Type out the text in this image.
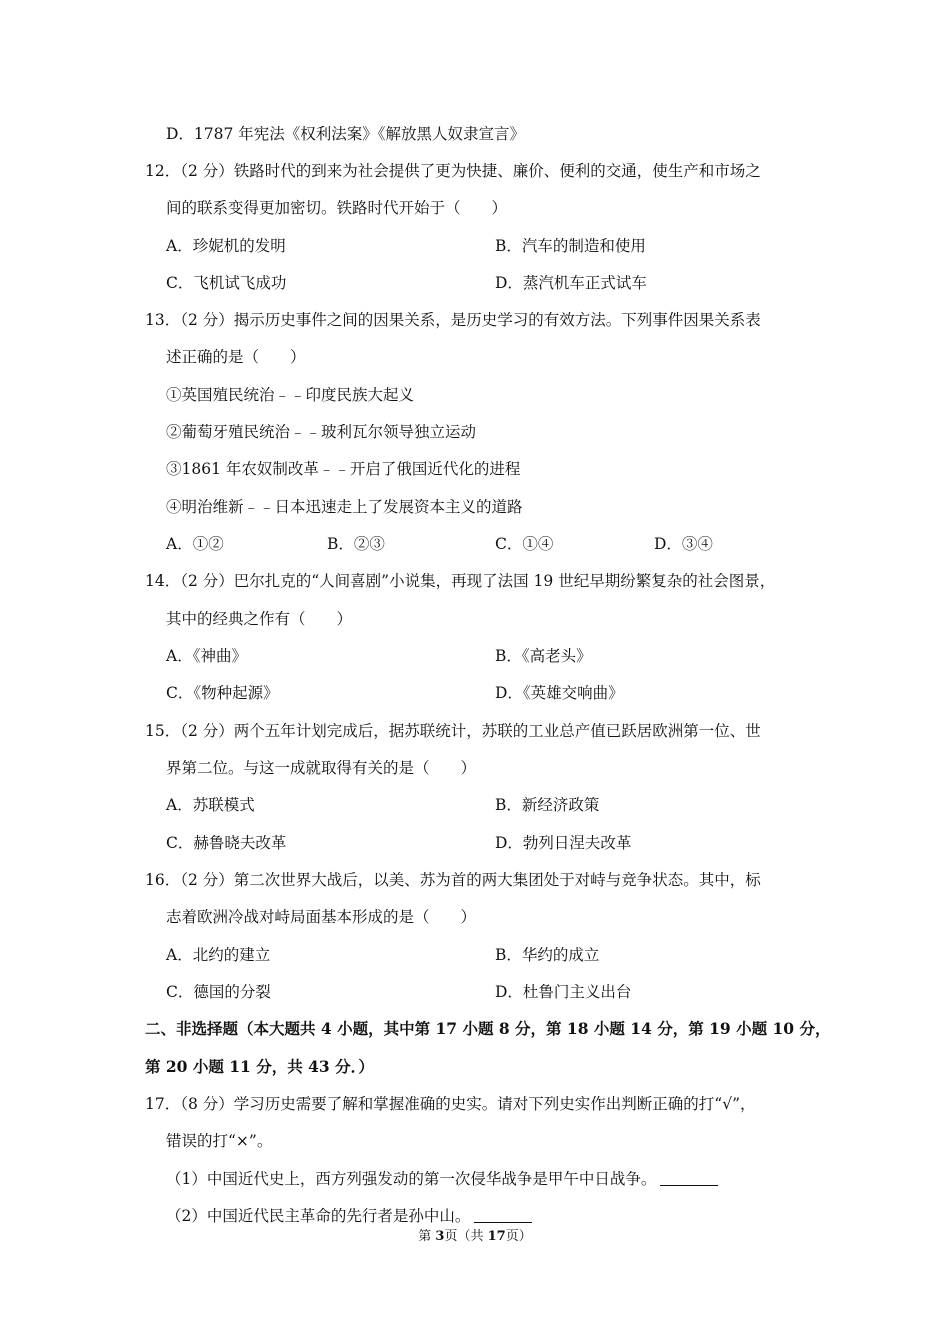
D．1787 年宪法《权利法案》《解放黑人奴隶宣言》
12．（2 分）铁路时代的到来为社会提供了更为快捷、廉价、便利的交通，使生产和市场之
间的联系变得更加密切。铁路时代开始于（　　）
A．珍妮机的发明	B．汽车的制造和使用
C．飞机试飞成功	D．蒸汽机车正式试车
13．（2 分）揭示历史事件之间的因果关系，是历史学习的有效方法。下列事件因果关系表
述正确的是（　　）
①英国殖民统治﹣﹣印度民族大起义
②葡萄牙殖民统治﹣﹣玻利瓦尔领导独立运动
③1861 年农奴制改革﹣﹣开启了俄国近代化的进程
④明治维新﹣﹣日本迅速走上了发展资本主义的道路
A．①②	B．②③	C．①④	D．③④
14．（2 分）巴尔扎克的“人间喜剧”小说集，再现了法国 19 世纪早期纷繁复杂的社会图景，
其中的经典之作有（　　）
A．《神曲》	B．《高老头》
C．《物种起源》	D．《英雄交响曲》
15．（2 分）两个五年计划完成后，据苏联统计，苏联的工业总产值已跃居欧洲第一位、世
界第二位。与这一成就取得有关的是（　　）
A．苏联模式	B．新经济政策
C．赫鲁晓夫改革	D．勃列日涅夫改革
16．（2 分）第二次世界大战后，以美、苏为首的两大集团处于对峙与竞争状态。其中，标
志着欧洲冷战对峙局面基本形成的是（　　）
A．北约的建立	B．华约的成立
C．德国的分裂	D．杜鲁门主义出台
二、非选择题（本大题共 4 小题，其中第 17 小题 8 分，第 18 小题 14 分，第 19 小题 10 分，
第 20 小题 11 分，共 43 分．）
17．（8 分）学习历史需要了解和掌握准确的史实。请对下列史实作出判断正确的打“√”，
错误的打“×”。
（1）中国近代史上，西方列强发动的第一次侵华战争是甲午中日战争。
（2）中国近代民主革命的先行者是孙中山。
第 3页（共 17页）
